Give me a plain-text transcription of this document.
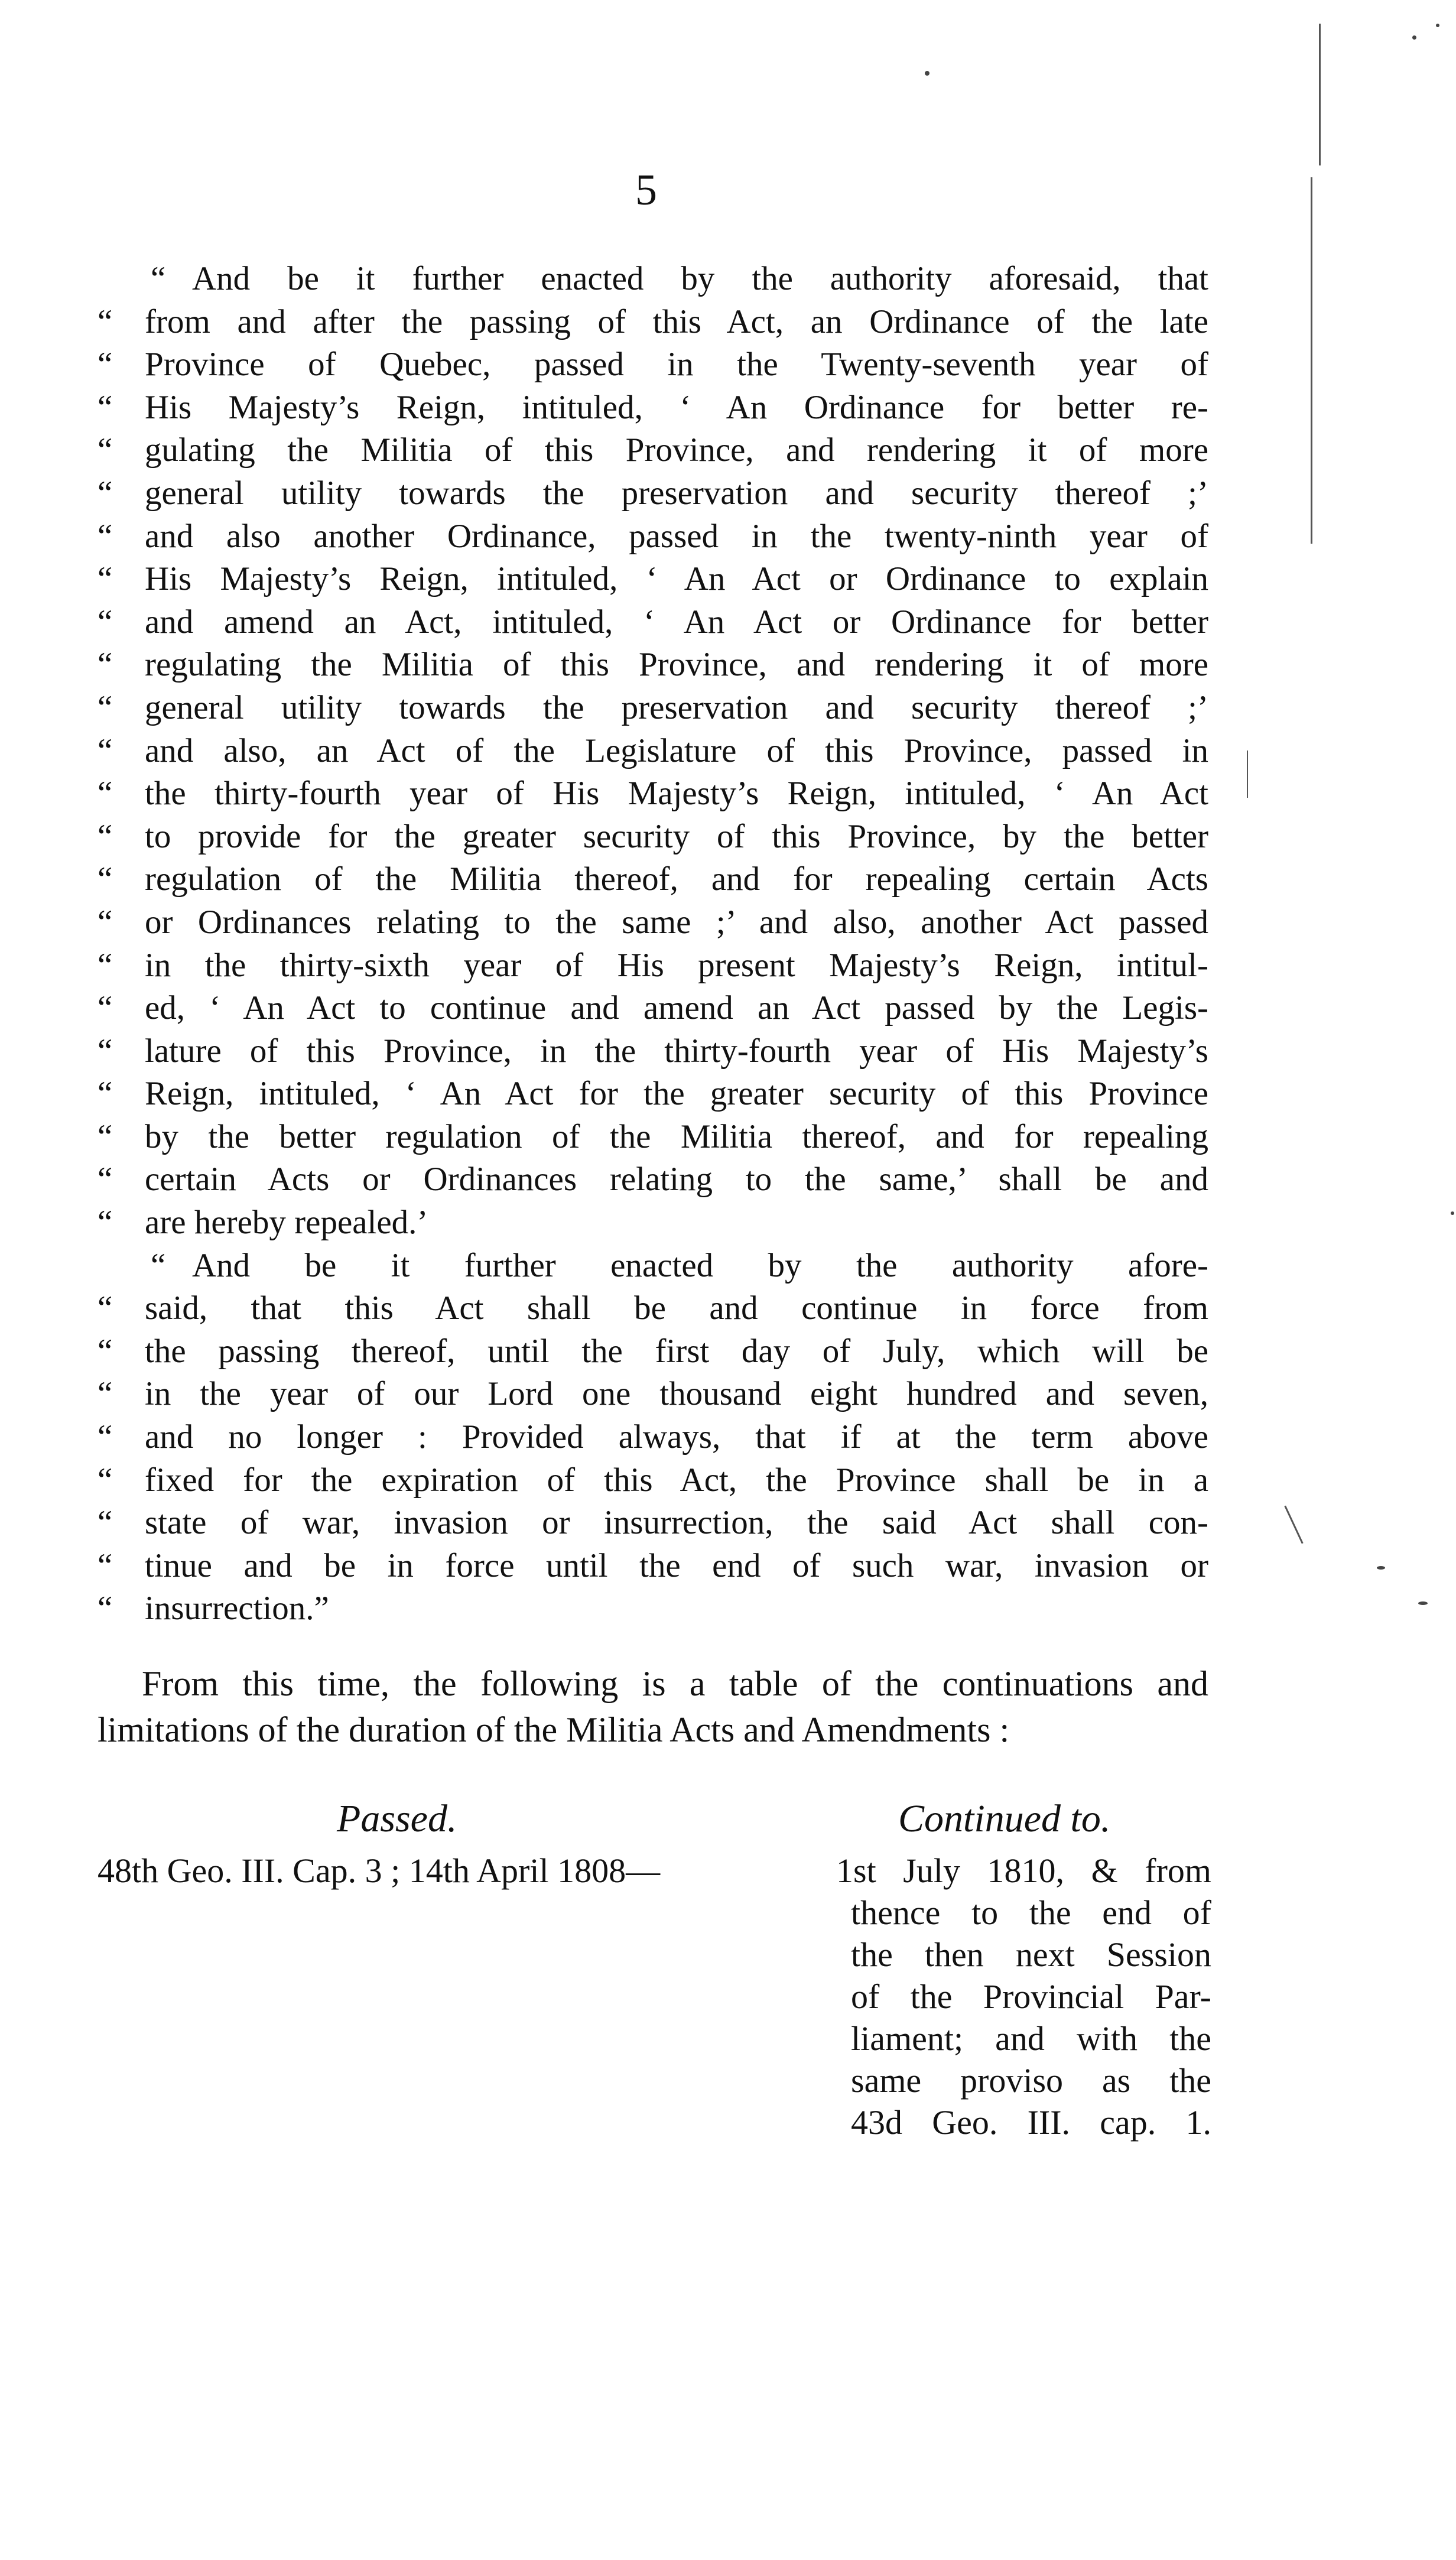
5
“ And be it further enacted by the authority aforesaid, that
“ from and after the passing of this Act, an Ordinance of the late
“ Province of Quebec, passed in the Twenty-seventh year of
“ His Majesty’s Reign, intituled, ‘ An Ordinance for better re-
“ gulating the Militia of this Province, and rendering it of more
“ general utility towards the preservation and security thereof ;’
“ and also another Ordinance, passed in the twenty-ninth year of
“ His Majesty’s Reign, intituled, ‘ An Act or Ordinance to explain
“ and amend an Act, intituled, ‘ An Act or Ordinance for better
“ regulating the Militia of this Province, and rendering it of more
“ general utility towards the preservation and security thereof ;’
“ and also, an Act of the Legislature of this Province, passed in
“ the thirty-fourth year of His Majesty’s Reign, intituled, ‘ An Act
“ to provide for the greater security of this Province, by the better
“ regulation of the Militia thereof, and for repealing certain Acts
“ or Ordinances relating to the same ;’ and also, another Act passed
“ in the thirty-sixth year of His present Majesty’s Reign, intitul-
“ ed, ‘ An Act to continue and amend an Act passed by the Legis-
“ lature of this Province, in the thirty-fourth year of His Majesty’s
“ Reign, intituled, ‘ An Act for the greater security of this Province
“ by the better regulation of the Militia thereof, and for repealing
“ certain Acts or Ordinances relating to the same,’ shall be and
“ are hereby repealed.’
“ And be it further enacted by the authority afore-
“ said, that this Act shall be and continue in force from
“ the passing thereof, until the first day of July, which will be
“ in the year of our Lord one thousand eight hundred and seven,
“ and no longer : Provided always, that if at the term above
“ fixed for the expiration of this Act, the Province shall be in a
“ state of war, invasion or insurrection, the said Act shall con-
“ tinue and be in force until the end of such war, invasion or
“ insurrection.”
From this time, the following is a table of the continuations and
limitations of the duration of the Militia Acts and Amendments :
Passed.	Continued to.
48th Geo. III. Cap. 3 ; 14th April 1808—	1st July 1810, & from
thence to the end of
the then next Session
of the Provincial Par-
liament; and with the
same proviso as the
43d Geo. III. cap. 1.
